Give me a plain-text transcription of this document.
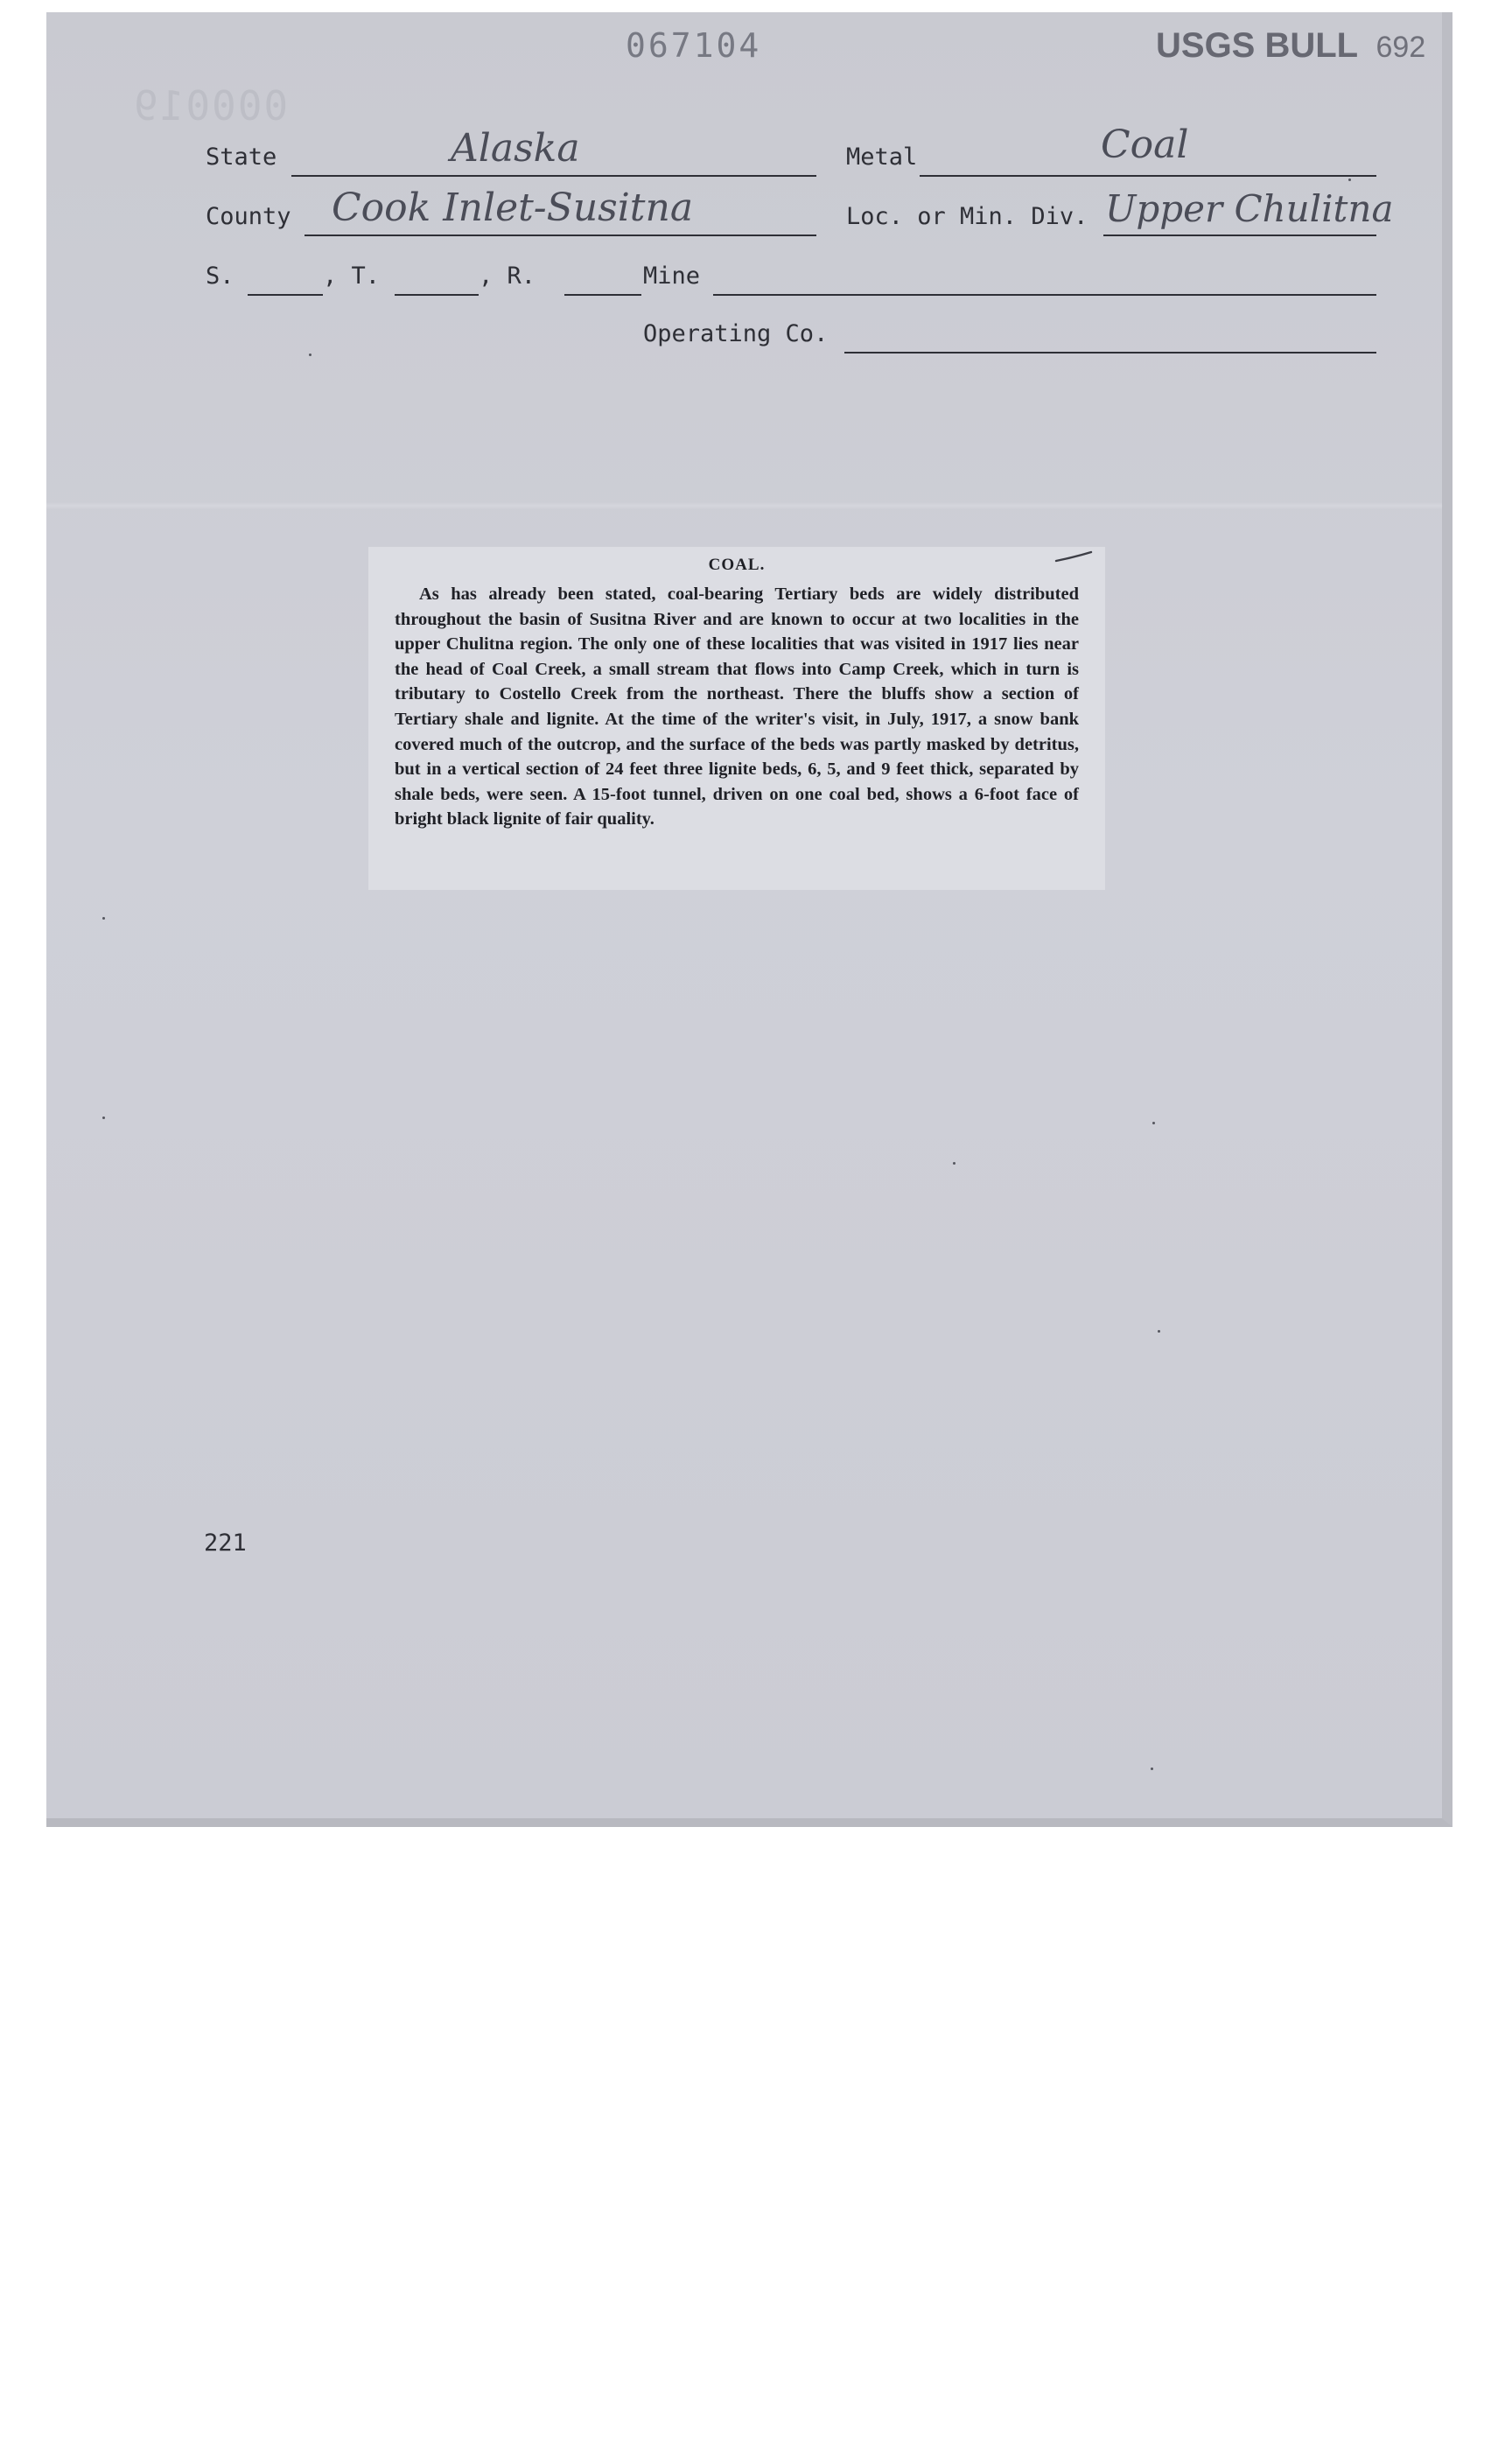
067104	USGS BULL 692
000019
State	Alaska	Metal	Coal
County Cook Inlet-Susitna	Loc. or Min. Div. Upper Chulitna
S.	, T.	, R.	Mine
Operating Co.
221
COAL.

As has already been stated, coal-bearing Tertiary beds are widely distributed throughout the basin of Susitna River and are known to occur at two localities in the upper Chulitna region. The only one of these localities that was visited in 1917 lies near the head of Coal Creek, a small stream that flows into Camp Creek, which in turn is tributary to Costello Creek from the northeast. There the bluffs show a section of Tertiary shale and lignite. At the time of the writer's visit, in July, 1917, a snow bank covered much of the outcrop, and the surface of the beds was partly masked by detritus, but in a vertical section of 24 feet three lignite beds, 6, 5, and 9 feet thick, separated by shale beds, were seen. A 15-foot tunnel, driven on one coal bed, shows a 6-foot face of bright black lignite of fair quality.
